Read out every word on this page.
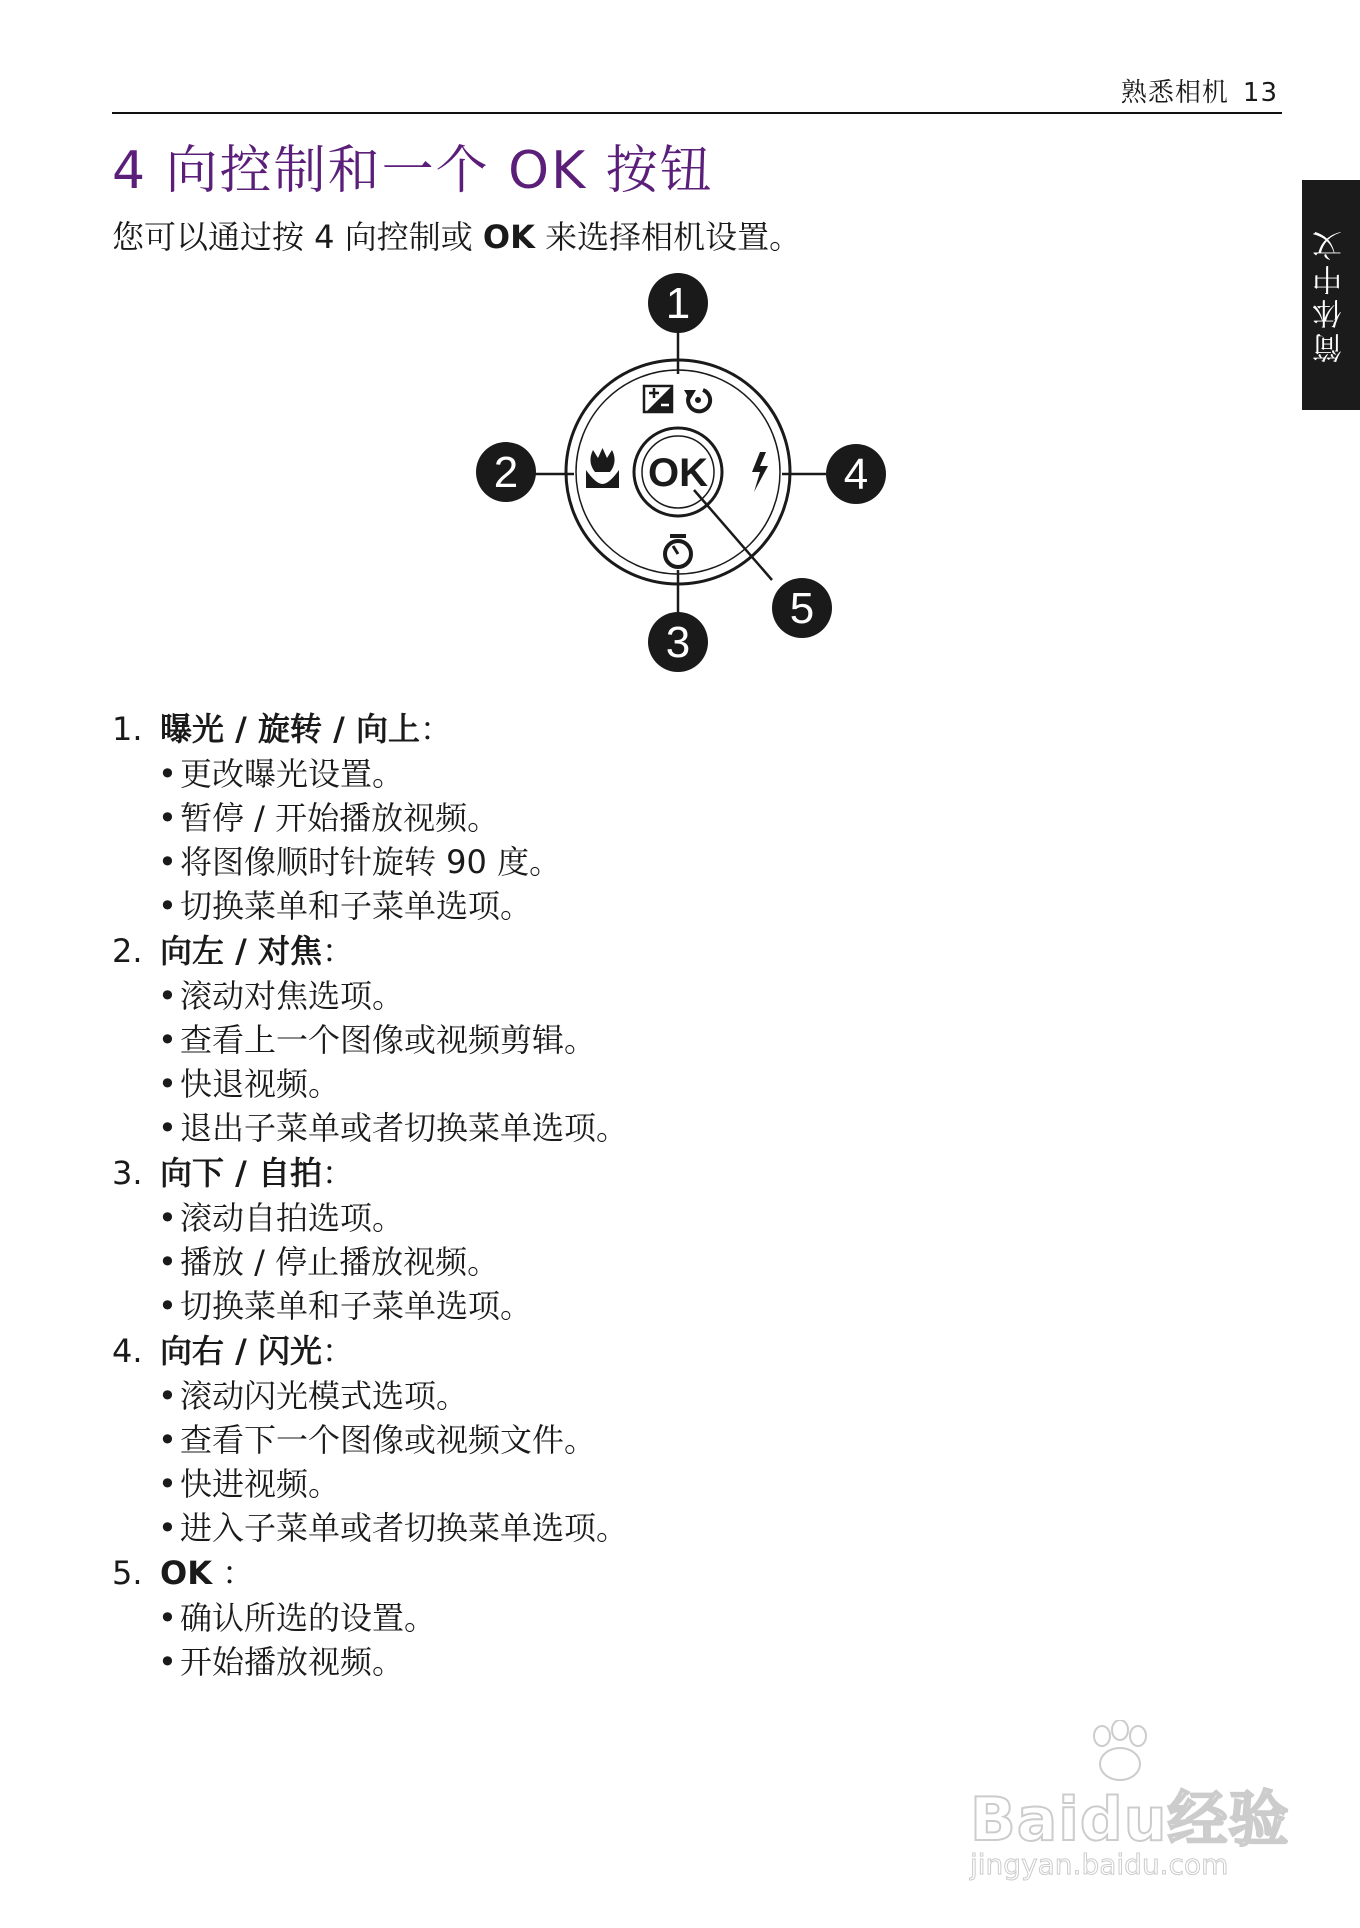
熟悉相机 13
简体中文
4 向控制和一个 OK 按钮
您可以通过按 4 向控制或 OK 来选择相机设置。
OK
1
2
3
4
5
1. 曝光 / 旋转 / 向上：
• 更改曝光设置。
• 暂停 / 开始播放视频。
• 将图像顺时针旋转 90 度。
• 切换菜单和子菜单选项。
2. 向左 / 对焦：
• 滚动对焦选项。
• 查看上一个图像或视频剪辑。
• 快退视频。
• 退出子菜单或者切换菜单选项。
3. 向下 / 自拍：
• 滚动自拍选项。
• 播放 / 停止播放视频。
• 切换菜单和子菜单选项。
4. 向右 / 闪光：
• 滚动闪光模式选项。
• 查看下一个图像或视频文件。
• 快进视频。
• 进入子菜单或者切换菜单选项。
5. OK ：
• 确认所选的设置。
• 开始播放视频。
Baidu经验
jingyan.baidu.com
